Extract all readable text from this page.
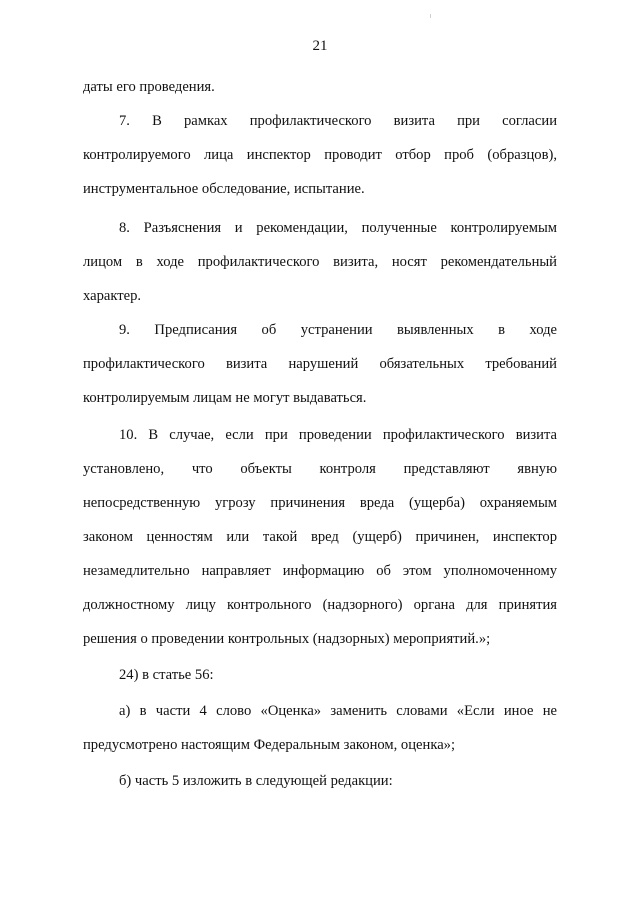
21
даты его проведения.
7. В рамках профилактического визита при согласии
контролируемого лица инспектор проводит отбор проб (образцов),
инструментальное обследование, испытание.
8. Разъяснения и рекомендации, полученные контролируемым
лицом в ходе профилактического визита, носят рекомендательный
характер.
9. Предписания об устранении выявленных в ходе
профилактического визита нарушений обязательных требований
контролируемым лицам не могут выдаваться.
10. В случае, если при проведении профилактического визита
установлено, что объекты контроля представляют явную
непосредственную угрозу причинения вреда (ущерба) охраняемым
законом ценностям или такой вред (ущерб) причинен, инспектор
незамедлительно направляет информацию об этом уполномоченному
должностному лицу контрольного (надзорного) органа для принятия
решения о проведении контрольных (надзорных) мероприятий.»;
24) в статье 56:
а) в части 4 слово «Оценка» заменить словами «Если иное не
предусмотрено настоящим Федеральным законом, оценка»;
б) часть 5 изложить в следующей редакции:
